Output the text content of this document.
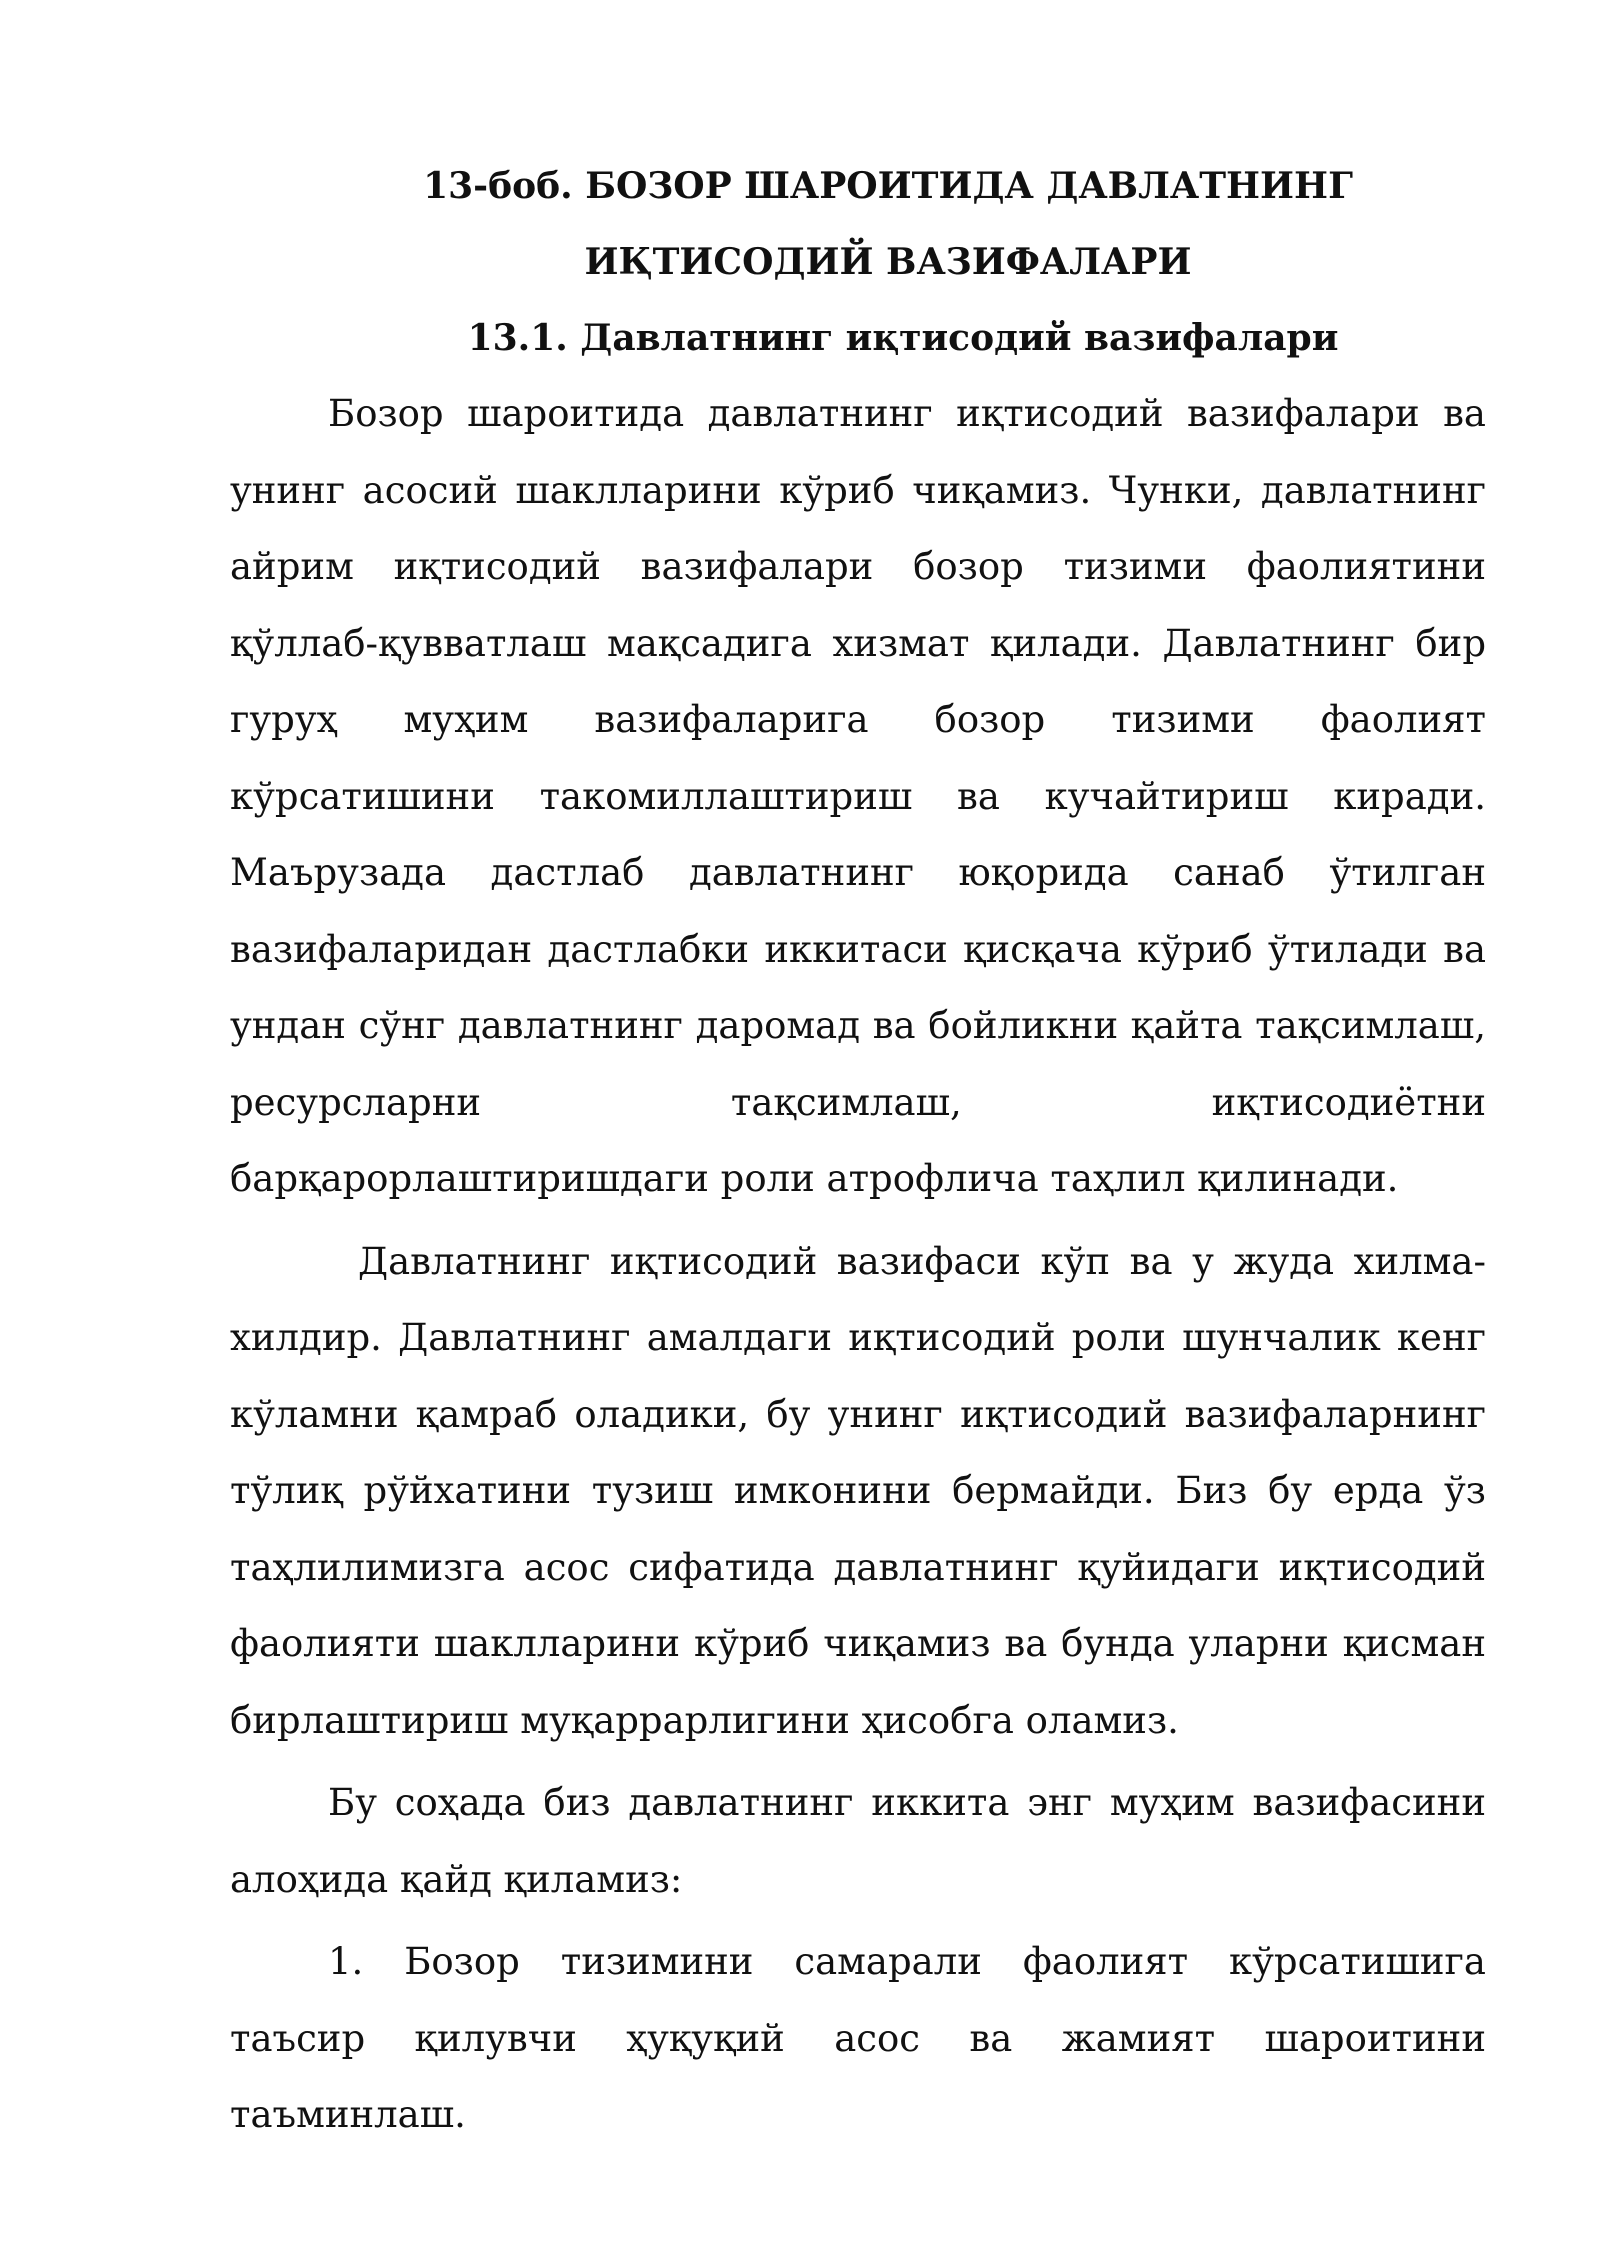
13-боб. БОЗОР ШАРОИТИДА ДАВЛАТНИНГ ИҚТИСОДИЙ ВАЗИФАЛАРИ
13.1. Давлатнинг иқтисодий вазифалари

Бозор шароитида давлатнинг иқтисодий вазифалари ва унинг асосий шаклларини кўриб чиқамиз. Чунки, давлатнинг айрим иқтисодий вазифалари бозор тизими фаолиятини қўллаб-қувватлаш мақсадига хизмат қилади. Давлатнинг бир гуруҳ муҳим вазифаларига бозор тизими фаолият кўрсатишини такомиллаштириш ва кучайтириш киради. Маърузада дастлаб давлатнинг юқорида санаб ўтилган вазифаларидан дастлабки иккитаси қисқача кўриб ўтилади ва ундан сўнг давлатнинг даромад ва бойликни қайта тақсимлаш, ресурсларни тақсимлаш, иқтисодиётни барқарорлаштиришдаги роли атрофлича таҳлил қилинади.

Давлатнинг иқтисодий вазифаси кўп ва у жуда хилма-хилдир. Давлатнинг амалдаги иқтисодий роли шунчалик кенг кўламни қамраб оладики, бу унинг иқтисодий вазифаларнинг тўлиқ рўйхатини тузиш имконини бермайди. Биз бу ерда ўз таҳлилимизга асос сифатида давлатнинг қуйидаги иқтисодий фаолияти шаклларини кўриб чиқамиз ва бунда уларни қисман бирлаштириш муқаррарлигини ҳисобга оламиз.

Бу соҳада биз давлатнинг иккита энг муҳим вазифасини алоҳида қайд қиламиз:

1. Бозор тизимини самарали фаолият кўрсатишига таъсир қилувчи ҳуқуқий асос ва жамият шароитини таъминлаш.
